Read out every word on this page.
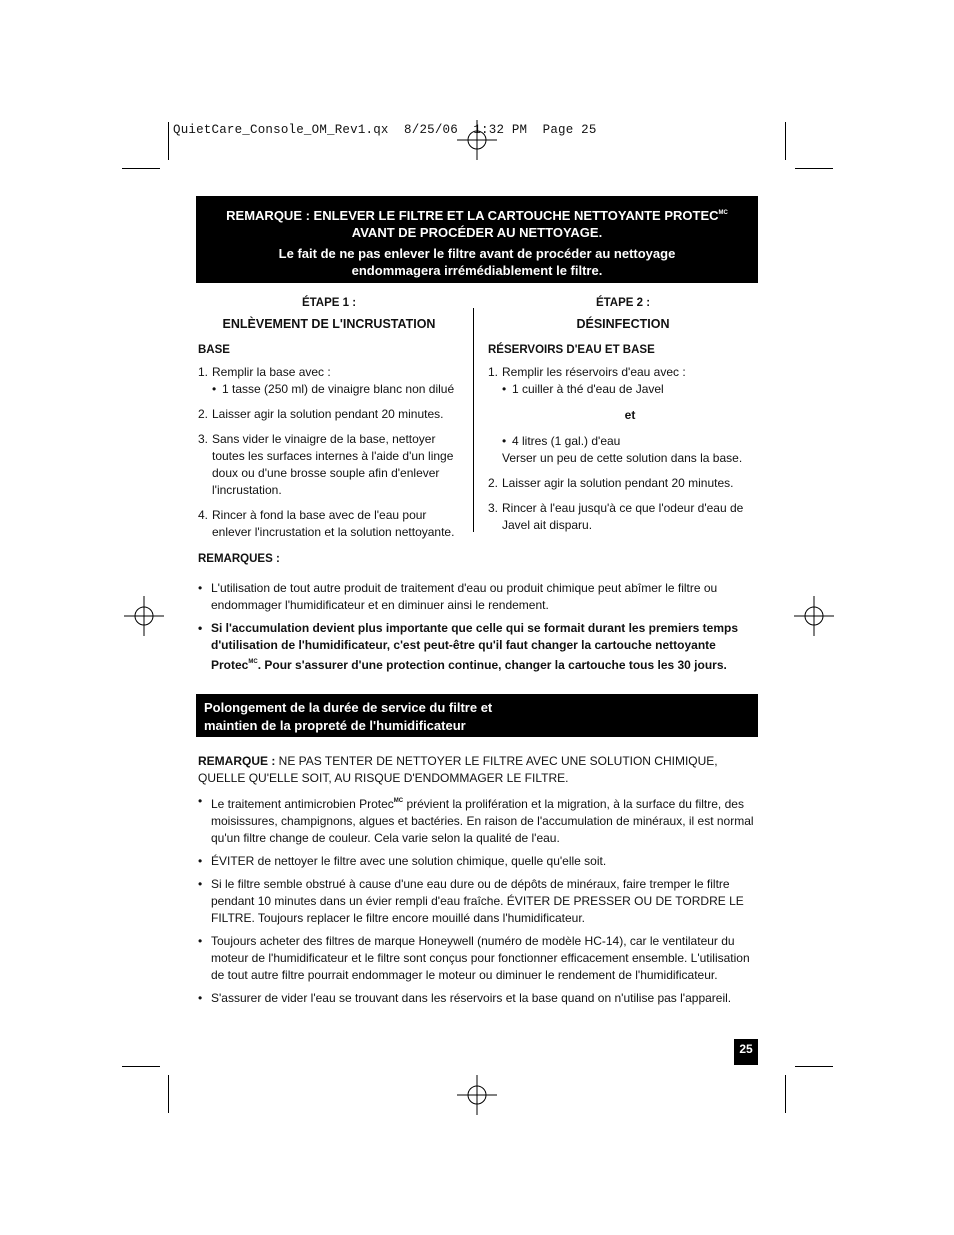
QuietCare_Console_OM_Rev1.qx  8/25/06  1:32 PM  Page 25

REMARQUE : ENLEVER LE FILTRE ET LA CARTOUCHE NETTOYANTE $PROTEC^{MC}$
AVANT DE PROCÉDER AU NETTOYAGE.

Le fait de ne pas enlever le filtre avant de procéder au nettoyage endommagera irrémédiablement le filtre.

ÉTAPE 1 :
ENLÈVEMENT DE L'INCRUSTATION
BASE
1. Remplir la base avec :
• 1 tasse (250 ml) de vinaigre blanc non dilué
2. Laisser agir la solution pendant 20 minutes.
3. Sans vider le vinaigre de la base, nettoyer toutes les surfaces internes à l'aide d'un linge doux ou d'une brosse souple afin d'enlever l'incrustation.
4. Rincer à fond la base avec de l'eau pour enlever l'incrustation et la solution nettoyante.
ÉTAPE 2 :
DÉSINFECTION
RÉSERVOIRS D'EAU ET BASE
1. Remplir les réservoirs d'eau avec :
• 1 cuiller à thé d'eau de Javel
et
• 4 litres (1 gal.) d'eau
Verser un peu de cette solution dans la base.
2. Laisser agir la solution pendant 20 minutes.
3. Rincer à l'eau jusqu'à ce que l'odeur d'eau de Javel ait disparu.
REMARQUES :
• L'utilisation de tout autre produit de traitement d'eau ou produit chimique peut abîmer le filtre ou endommager l'humidificateur et en diminuer ainsi le rendement.
• Si l'accumulation devient plus importante que celle qui se formait durant les premiers temps d'utilisation de l'humidificateur, c'est peut-être qu'il faut changer la cartouche nettoyante Protec$^{MC}$. Pour s'assurer d'une protection continue, changer la cartouche tous les 30 jours.
Polongement de la durée de service du filtre et
maintien de la propreté de l'humidificateur

REMARQUE : NE PAS TENTER DE NETTOYER LE FILTRE AVEC UNE SOLUTION CHIMIQUE, QUELLE QU'ELLE SOIT, AU RISQUE D'ENDOMMAGER LE FILTRE.

• Le traitement antimicrobien Protec$^{MC}$ prévient la prolifération et la migration, à la surface du filtre, des moisissures, champignons, algues et bactéries. En raison de l'accumulation de minéraux, il est normal qu'un filtre change de couleur. Cela varie selon la qualité de l'eau.
• ÉVITER de nettoyer le filtre avec une solution chimique, quelle qu'elle soit.
• Si le filtre semble obstrué à cause d'une eau dure ou de dépôts de minéraux, faire tremper le filtre pendant 10 minutes dans un évier rempli d'eau fraîche. ÉVITER DE PRESSER OU DE TORDRE LE FILTRE. Toujours replacer le filtre encore mouillé dans l'humidificateur.
• Toujours acheter des filtres de marque Honeywell (numéro de modèle HC-14), car le ventilateur du moteur de l'humidificateur et le filtre sont conçus pour fonctionner efficacement ensemble. L'utilisation de tout autre filtre pourrait endommager le moteur ou diminuer le rendement de l'humidificateur.
• S'assurer de vider l'eau se trouvant dans les réservoirs et la base quand on n'utilise pas l'appareil.
25
